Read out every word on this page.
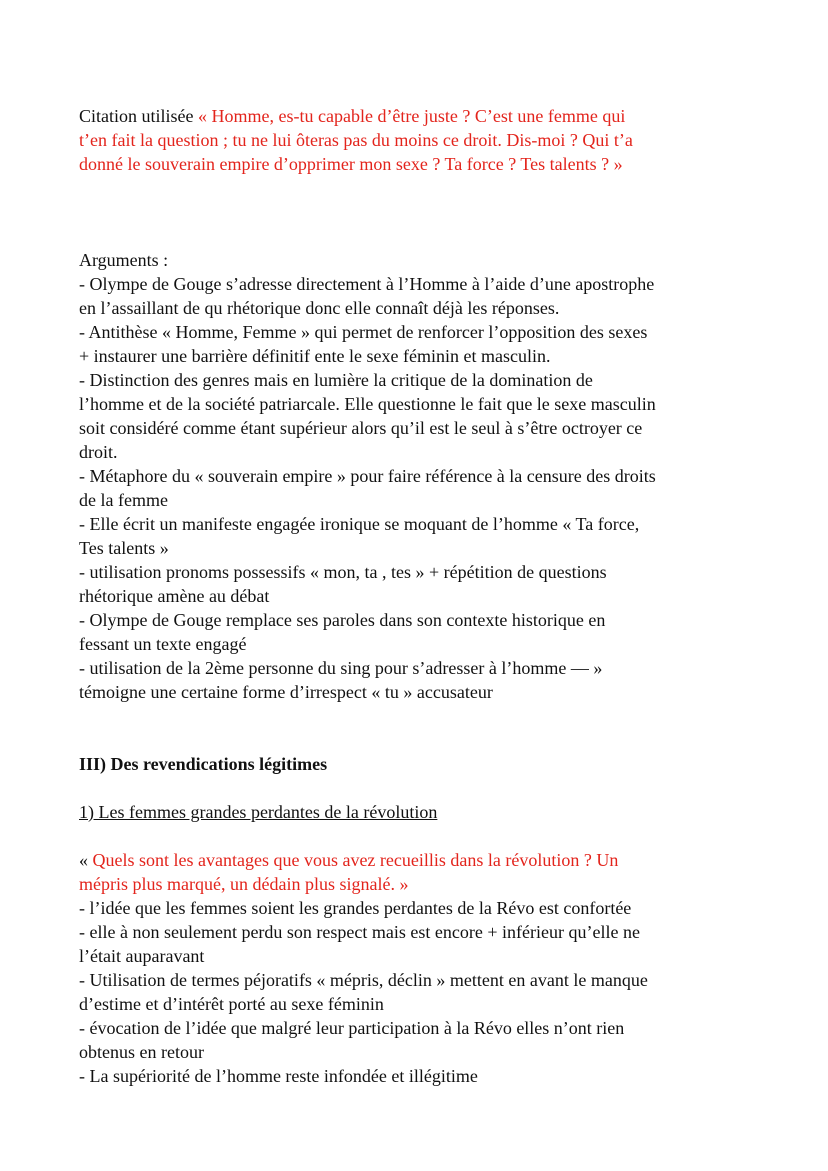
Citation utilisée « Homme, es-tu capable d’être juste ? C’est une femme qui
t’en fait la question ; tu ne lui ôteras pas du moins ce droit. Dis-moi ? Qui t’a
donné le souverain empire d’opprimer mon sexe ? Ta force ? Tes talents ? »
Arguments :
- Olympe de Gouge s’adresse directement à l’Homme à l’aide d’une apostrophe
en l’assaillant de qu rhétorique donc elle connaît déjà les réponses.
- Antithèse « Homme, Femme » qui permet de renforcer l’opposition des sexes
+ instaurer une barrière définitif ente le sexe féminin et masculin.
- Distinction des genres mais en lumière la critique de la domination de
l’homme et de la société patriarcale. Elle questionne le fait que le sexe masculin
soit considéré comme étant supérieur alors qu’il est le seul à s’être octroyer ce
droit.
- Métaphore du « souverain empire » pour faire référence à la censure des droits
de la femme
- Elle écrit un manifeste engagée ironique se moquant de l’homme « Ta force,
Tes talents »
- utilisation pronoms possessifs « mon, ta , tes » + répétition de questions
rhétorique amène au débat
- Olympe de Gouge remplace ses paroles dans son contexte historique en
fessant un texte engagé
- utilisation de la 2ème personne du sing pour s’adresser à l’homme — »
témoigne une certaine forme d’irrespect « tu » accusateur
III) Des revendications légitimes
1) Les femmes grandes perdantes de la révolution
« Quels sont les avantages que vous avez recueillis dans la révolution ? Un
mépris plus marqué, un dédain plus signalé. »
- l’idée que les femmes soient les grandes perdantes de la Révo est confortée
- elle à non seulement perdu son respect mais est encore + inférieur qu’elle ne
l’était auparavant
- Utilisation de termes péjoratifs « mépris, déclin » mettent en avant le manque
d’estime et d’intérêt porté au sexe féminin
- évocation de l’idée que malgré leur participation à la Révo elles n’ont rien
obtenus en retour
- La supériorité de l’homme reste infondée et illégitime
